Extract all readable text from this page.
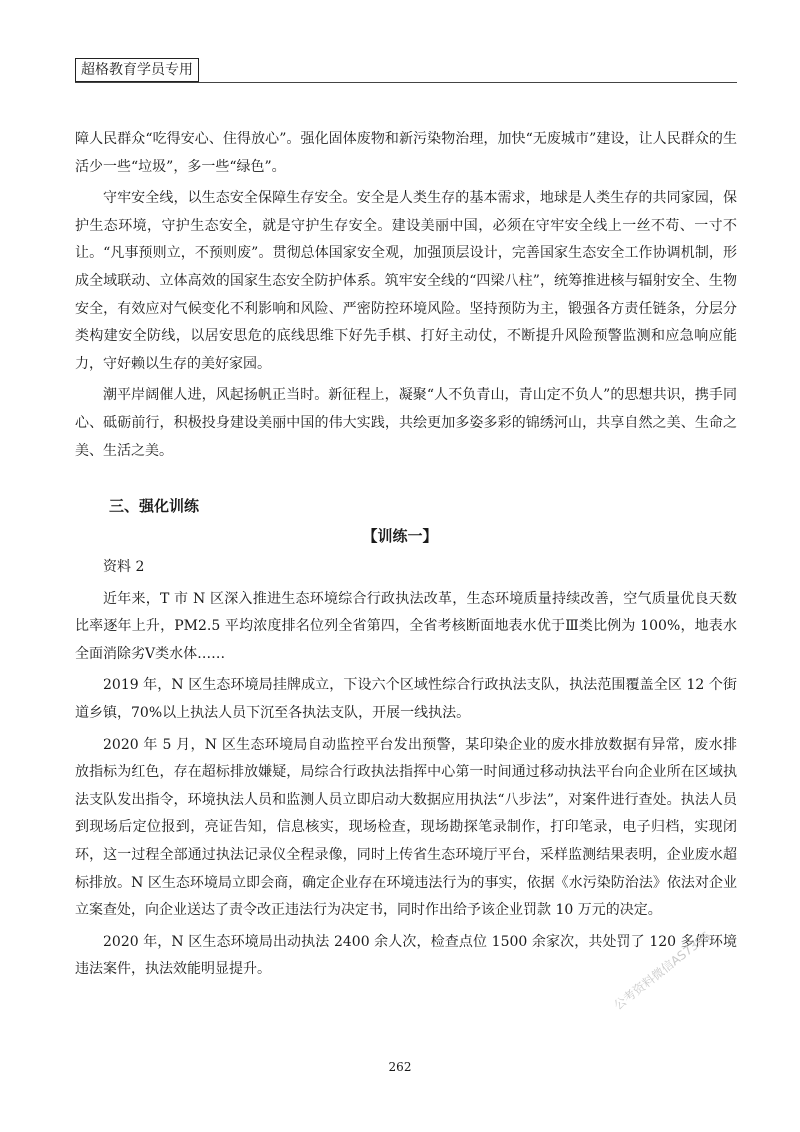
超格教育学员专用

障人民群众“吃得安心、住得放心”。强化固体废物和新污染物治理，加快“无废城市”建设，让人民群众的生活少一些“垃圾”，多一些“绿色”。

守牢安全线，以生态安全保障生存安全。安全是人类生存的基本需求，地球是人类生存的共同家园，保护生态环境，守护生态安全，就是守护生存安全。建设美丽中国，必须在守牢安全线上一丝不苟、一寸不让。“凡事预则立，不预则废”。贯彻总体国家安全观，加强顶层设计，完善国家生态安全工作协调机制，形成全域联动、立体高效的国家生态安全防护体系。筑牢安全线的“四梁八柱”，统筹推进核与辐射安全、生物安全，有效应对气候变化不利影响和风险、严密防控环境风险。坚持预防为主，锻强各方责任链条，分层分类构建安全防线，以居安思危的底线思维下好先手棋、打好主动仗，不断提升风险预警监测和应急响应能力，守好赖以生存的美好家园。

潮平岸阔催人进，风起扬帆正当时。新征程上，凝聚“人不负青山，青山定不负人”的思想共识，携手同心、砥砺前行，积极投身建设美丽中国的伟大实践，共绘更加多姿多彩的锦绣河山，共享自然之美、生命之美、生活之美。

三、强化训练
【训练一】

资料 2

近年来，T 市 N 区深入推进生态环境综合行政执法改革，生态环境质量持续改善，空气质量优良天数比率逐年上升，PM2.5 平均浓度排名位列全省第四，全省考核断面地表水优于Ⅲ类比例为 100%，地表水全面消除劣Ⅴ类水体……

2019 年，N 区生态环境局挂牌成立，下设六个区域性综合行政执法支队，执法范围覆盖全区 12 个街道乡镇，70%以上执法人员下沉至各执法支队，开展一线执法。

2020 年 5 月，N 区生态环境局自动监控平台发出预警，某印染企业的废水排放数据有异常，废水排放指标为红色，存在超标排放嫌疑，局综合行政执法指挥中心第一时间通过移动执法平台向企业所在区域执法支队发出指令，环境执法人员和监测人员立即启动大数据应用执法“八步法”，对案件进行查处。执法人员到现场后定位报到，亮证告知，信息核实，现场检查，现场勘探笔录制作，打印笔录，电子归档，实现闭环，这一过程全部通过执法记录仪全程录像，同时上传省生态环境厅平台，采样监测结果表明，企业废水超标排放。N 区生态环境局立即会商，确定企业存在环境违法行为的事实，依据《水污染防治法》依法对企业立案查处，向企业送达了责令改正违法行为决定书，同时作出给予该企业罚款 10 万元的决定。

2020 年，N 区生态环境局出动执法 2400 余人次，检查点位 1500 余家次，共处罚了 120 多件环境违法案件，执法效能明显提升。	公考资料微信AS7396
262
